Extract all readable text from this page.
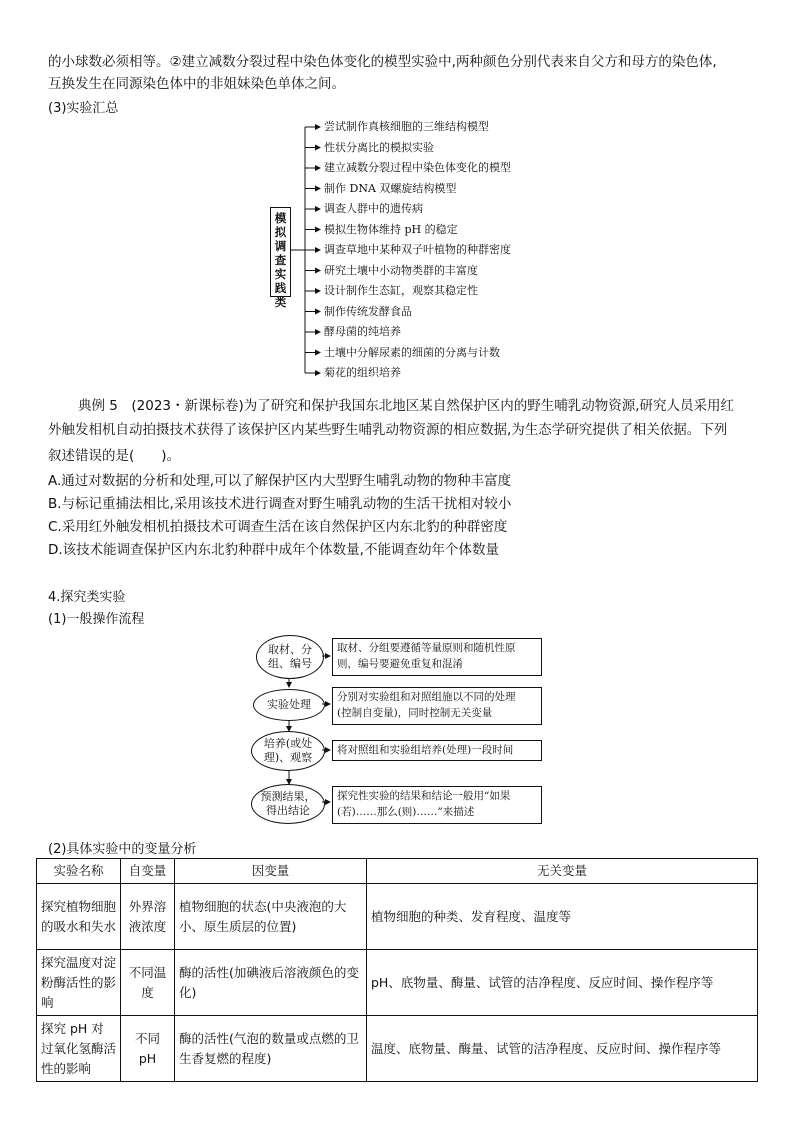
的小球数必须相等。②建立减数分裂过程中染色体变化的模型实验中,两种颜色分别代表来自父方和母方的染色体,
互换发生在同源染色体中的非姐妹染色单体之间。
(3)实验汇总
模拟调查实践类
尝试制作真核细胞的三维结构模型
性状分离比的模拟实验
建立减数分裂过程中染色体变化的模型
制作 DNA 双螺旋结构模型
调查人群中的遗传病
模拟生物体维持 pH 的稳定
调查草地中某种双子叶植物的种群密度
研究土壤中小动物类群的丰富度
设计制作生态缸，观察其稳定性
制作传统发酵食品
酵母菌的纯培养
土壤中分解尿素的细菌的分离与计数
菊花的组织培养
典例 5　(2023・新课标卷)为了研究和保护我国东北地区某自然保护区内的野生哺乳动物资源,研究人员采用红
外触发相机自动拍摄技术获得了该保护区内某些野生哺乳动物资源的相应数据,为生态学研究提供了相关依据。下列
叙述错误的是(　　)。
A.通过对数据的分析和处理,可以了解保护区内大型野生哺乳动物的物种丰富度
B.与标记重捕法相比,采用该技术进行调查对野生哺乳动物的生活干扰相对较小
C.采用红外触发相机拍摄技术可调查生活在该自然保护区内东北豹的种群密度
D.该技术能调查保护区内东北豹种群中成年个体数量,不能调查幼年个体数量
4.探究类实验
(1)一般操作流程
取材、分
组、编号
取材、分组要遵循等量原则和随机性原
则，编号要避免重复和混淆
实验处理
分别对实验组和对照组施以不同的处理
(控制自变量)，同时控制无关变量
培养(或处
理)、观察
将对照组和实验组培养(处理)一段时间
预测结果，
得出结论
探究性实验的结果和结论一般用“如果
(若)……那么(则)……”来描述
(2)具体实验中的变量分析
实验名称	自变量	因变量	无关变量
探究植物细胞的吸水和失水	外界溶液浓度	植物细胞的状态(中央液泡的大小、原生质层的位置)	植物细胞的种类、发育程度、温度等
探究温度对淀粉酶活性的影响	不同温度	酶的活性(加碘液后溶液颜色的变化)	pH、底物量、酶量、试管的洁净程度、反应时间、操作程序等
探究 pH 对过氧化氢酶活性的影响	不同 pH	酶的活性(气泡的数量或点燃的卫生香复燃的程度)	温度、底物量、酶量、试管的洁净程度、反应时间、操作程序等
